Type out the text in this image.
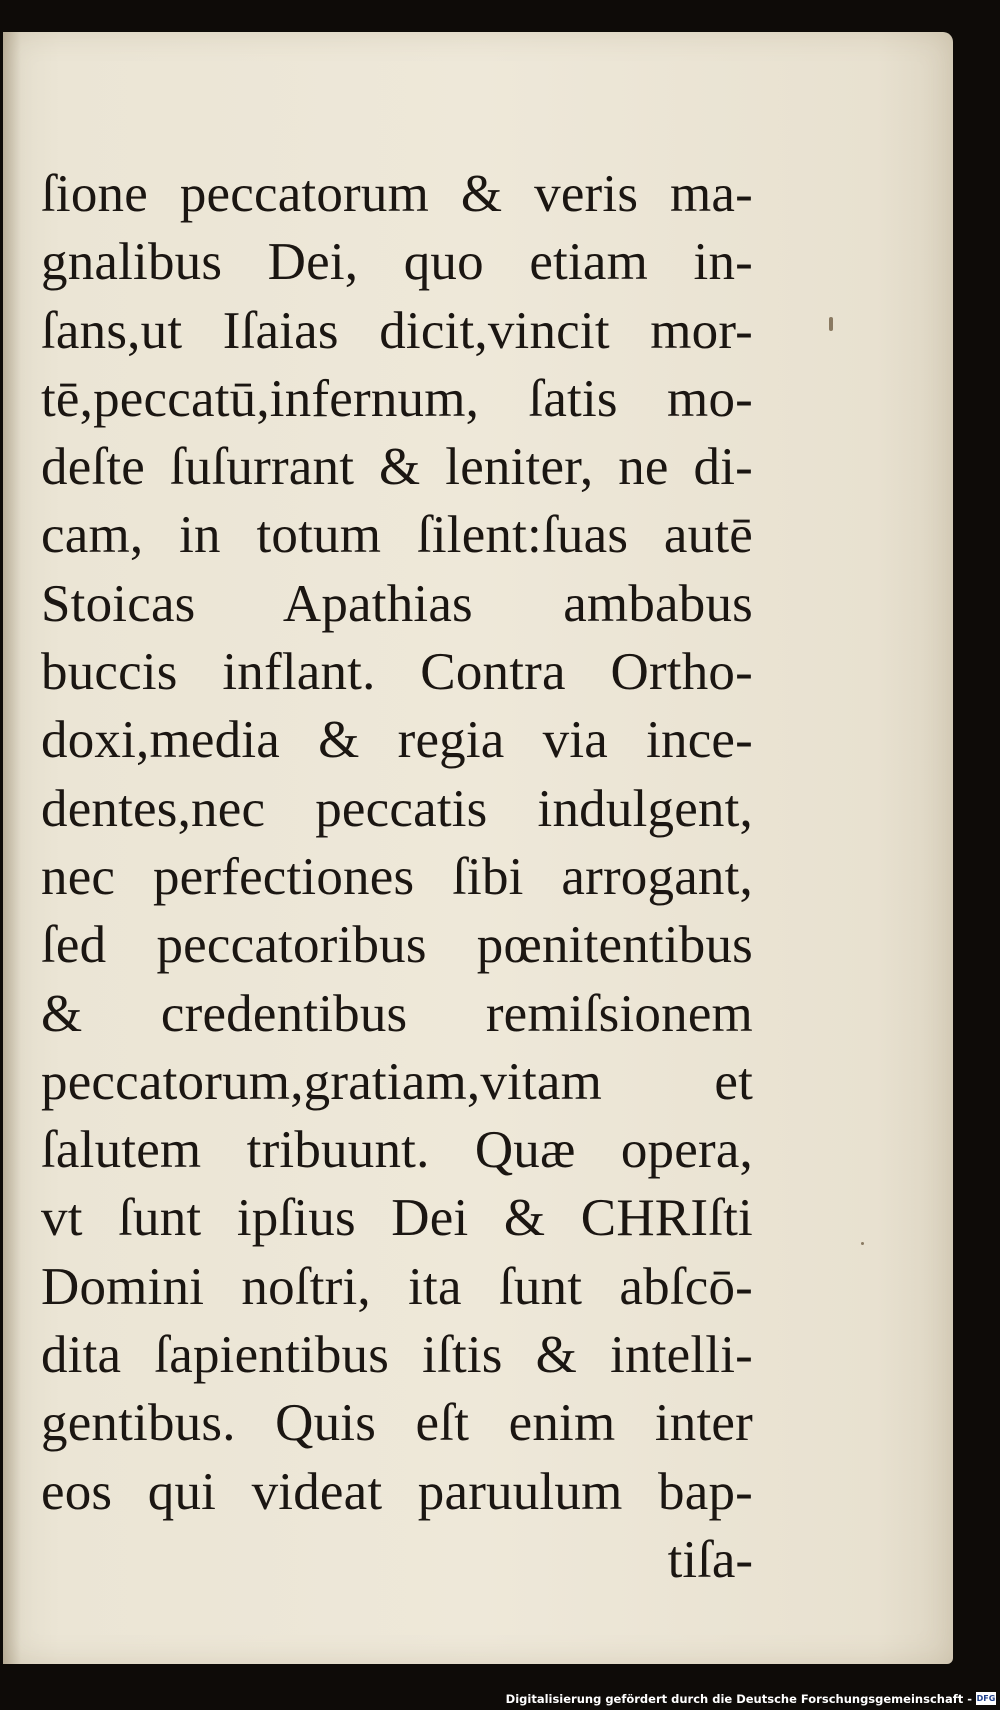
ſione peccatorum & veris ma-
gnalibus Dei, quo etiam in-
ſans,ut Iſaias dicit,vincit mor-
tē,peccatū,infernum, ſatis mo-
deſte ſuſurrant & leniter, ne di-
cam, in totum ſilent:ſuas autē
Stoicas Apathias ambabus
buccis inflant. Contra Ortho-
doxi,media & regia via ince-
dentes,nec peccatis indulgent,
nec perfectiones ſibi arrogant,
ſed peccatoribus pœnitentibus
& credentibus remiſsionem
peccatorum,gratiam,vitam et
ſalutem tribuunt. Quæ opera,
vt ſunt ipſius Dei & CHRIſti
Domini noſtri, ita ſunt abſcō-
dita ſapientibus iſtis & intelli-
gentibus. Quis eſt enim inter
eos qui videat paruulum bap-
tiſa-
Digitalisierung gefördert durch die Deutsche Forschungsgemeinschaft - DFG
